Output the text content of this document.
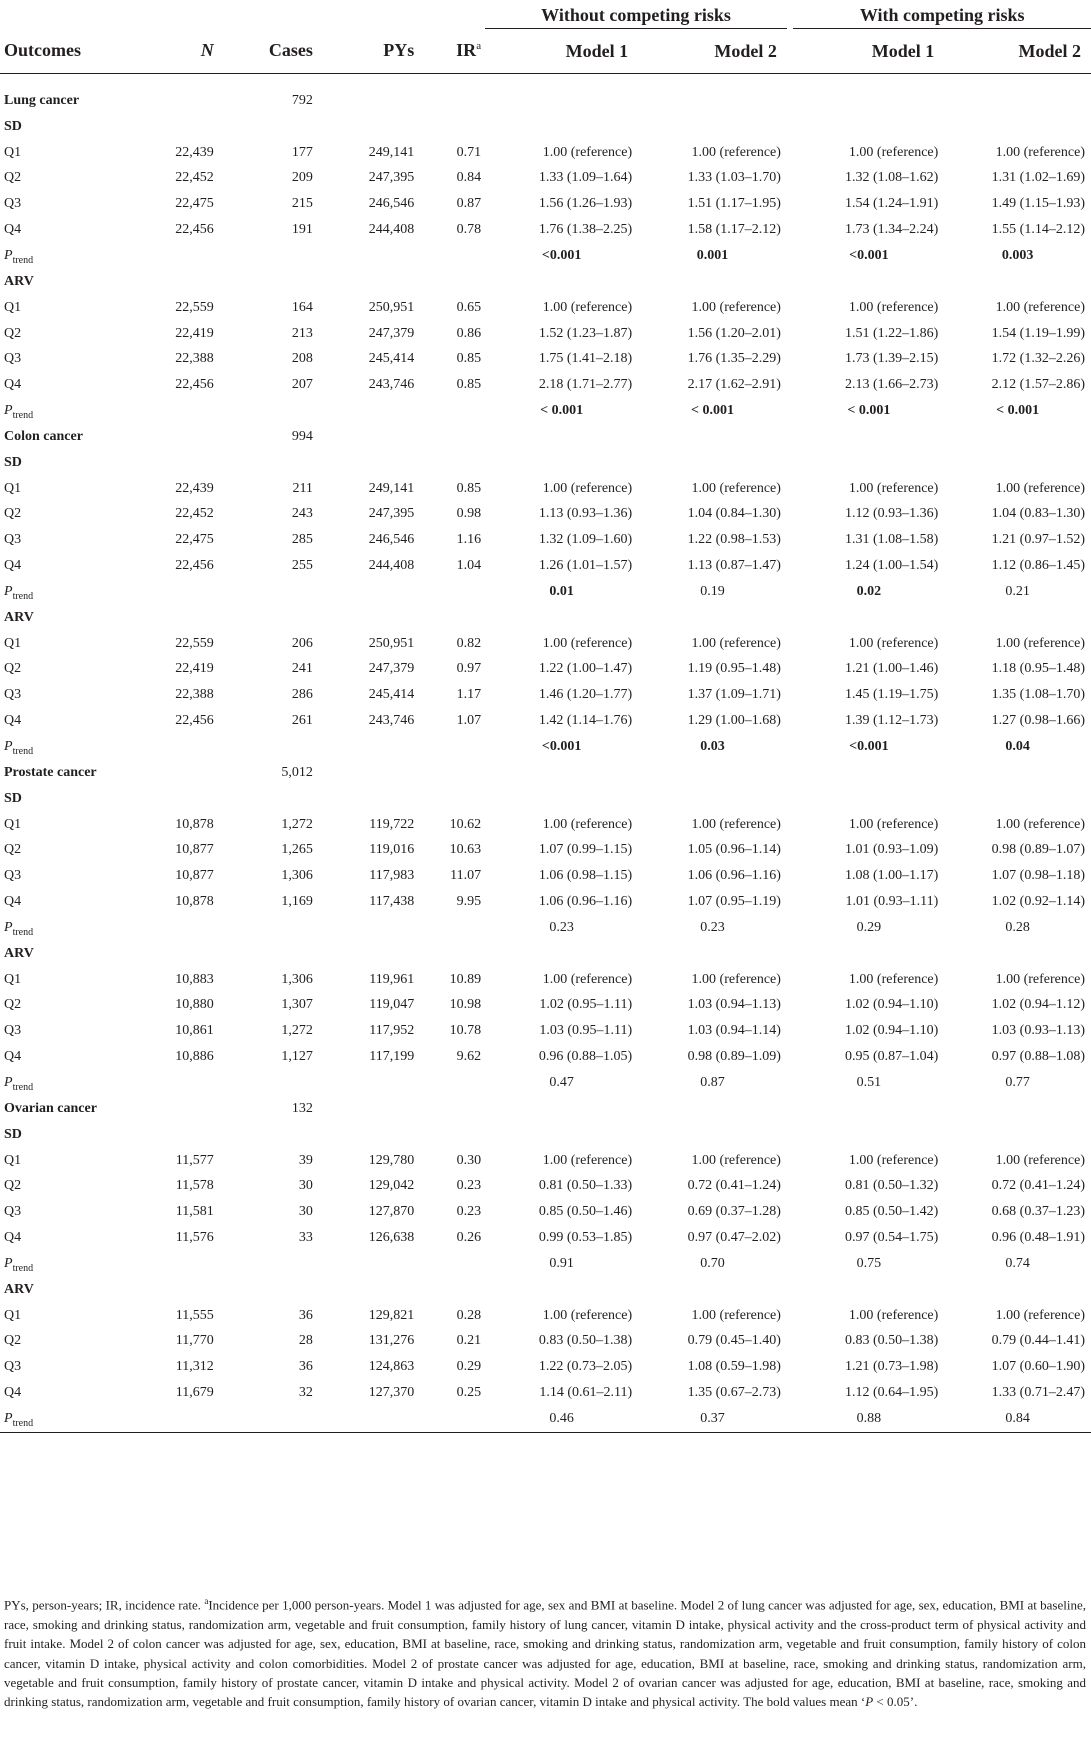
					Without competing risks			With competing risks	
Outcomes	N	Cases	PYs	$IR^a$	Model 1	Model 2		Model 1	Model 2

Lung cancer		792							
SD									
Q1	22,439	177	249,141	0.71	1.00 (reference)	1.00 (reference)		1.00 (reference)	1.00 (reference)
Q2	22,452	209	247,395	0.84	1.33 (1.09–1.64)	1.33 (1.03–1.70)		1.32 (1.08–1.62)	1.31 (1.02–1.69)
Q3	22,475	215	246,546	0.87	1.56 (1.26–1.93)	1.51 (1.17–1.95)		1.54 (1.24–1.91)	1.49 (1.15–1.93)
Q4	22,456	191	244,408	0.78	1.76 (1.38–2.25)	1.58 (1.17–2.12)		1.73 (1.34–2.24)	1.55 (1.14–2.12)
$P_{trend}$					<0.001	0.001		<0.001	0.003
ARV									
Q1	22,559	164	250,951	0.65	1.00 (reference)	1.00 (reference)		1.00 (reference)	1.00 (reference)
Q2	22,419	213	247,379	0.86	1.52 (1.23–1.87)	1.56 (1.20–2.01)		1.51 (1.22–1.86)	1.54 (1.19–1.99)
Q3	22,388	208	245,414	0.85	1.75 (1.41–2.18)	1.76 (1.35–2.29)		1.73 (1.39–2.15)	1.72 (1.32–2.26)
Q4	22,456	207	243,746	0.85	2.18 (1.71–2.77)	2.17 (1.62–2.91)		2.13 (1.66–2.73)	2.12 (1.57–2.86)
$P_{trend}$					< 0.001	< 0.001		< 0.001	< 0.001
Colon cancer		994							
SD									
Q1	22,439	211	249,141	0.85	1.00 (reference)	1.00 (reference)		1.00 (reference)	1.00 (reference)
Q2	22,452	243	247,395	0.98	1.13 (0.93–1.36)	1.04 (0.84–1.30)		1.12 (0.93–1.36)	1.04 (0.83–1.30)
Q3	22,475	285	246,546	1.16	1.32 (1.09–1.60)	1.22 (0.98–1.53)		1.31 (1.08–1.58)	1.21 (0.97–1.52)
Q4	22,456	255	244,408	1.04	1.26 (1.01–1.57)	1.13 (0.87–1.47)		1.24 (1.00–1.54)	1.12 (0.86–1.45)
$P_{trend}$					0.01	0.19		0.02	0.21
ARV									
Q1	22,559	206	250,951	0.82	1.00 (reference)	1.00 (reference)		1.00 (reference)	1.00 (reference)
Q2	22,419	241	247,379	0.97	1.22 (1.00–1.47)	1.19 (0.95–1.48)		1.21 (1.00–1.46)	1.18 (0.95–1.48)
Q3	22,388	286	245,414	1.17	1.46 (1.20–1.77)	1.37 (1.09–1.71)		1.45 (1.19–1.75)	1.35 (1.08–1.70)
Q4	22,456	261	243,746	1.07	1.42 (1.14–1.76)	1.29 (1.00–1.68)		1.39 (1.12–1.73)	1.27 (0.98–1.66)
$P_{trend}$					<0.001	0.03		<0.001	0.04
Prostate cancer		5,012							
SD									
Q1	10,878	1,272	119,722	10.62	1.00 (reference)	1.00 (reference)		1.00 (reference)	1.00 (reference)
Q2	10,877	1,265	119,016	10.63	1.07 (0.99–1.15)	1.05 (0.96–1.14)		1.01 (0.93–1.09)	0.98 (0.89–1.07)
Q3	10,877	1,306	117,983	11.07	1.06 (0.98–1.15)	1.06 (0.96–1.16)		1.08 (1.00–1.17)	1.07 (0.98–1.18)
Q4	10,878	1,169	117,438	9.95	1.06 (0.96–1.16)	1.07 (0.95–1.19)		1.01 (0.93–1.11)	1.02 (0.92–1.14)
$P_{trend}$					0.23	0.23		0.29	0.28
ARV									
Q1	10,883	1,306	119,961	10.89	1.00 (reference)	1.00 (reference)		1.00 (reference)	1.00 (reference)
Q2	10,880	1,307	119,047	10.98	1.02 (0.95–1.11)	1.03 (0.94–1.13)		1.02 (0.94–1.10)	1.02 (0.94–1.12)
Q3	10,861	1,272	117,952	10.78	1.03 (0.95–1.11)	1.03 (0.94–1.14)		1.02 (0.94–1.10)	1.03 (0.93–1.13)
Q4	10,886	1,127	117,199	9.62	0.96 (0.88–1.05)	0.98 (0.89–1.09)		0.95 (0.87–1.04)	0.97 (0.88–1.08)
$P_{trend}$					0.47	0.87		0.51	0.77
Ovarian cancer		132							
SD									
Q1	11,577	39	129,780	0.30	1.00 (reference)	1.00 (reference)		1.00 (reference)	1.00 (reference)
Q2	11,578	30	129,042	0.23	0.81 (0.50–1.33)	0.72 (0.41–1.24)		0.81 (0.50–1.32)	0.72 (0.41–1.24)
Q3	11,581	30	127,870	0.23	0.85 (0.50–1.46)	0.69 (0.37–1.28)		0.85 (0.50–1.42)	0.68 (0.37–1.23)
Q4	11,576	33	126,638	0.26	0.99 (0.53–1.85)	0.97 (0.47–2.02)		0.97 (0.54–1.75)	0.96 (0.48–1.91)
$P_{trend}$					0.91	0.70		0.75	0.74
ARV									
Q1	11,555	36	129,821	0.28	1.00 (reference)	1.00 (reference)		1.00 (reference)	1.00 (reference)
Q2	11,770	28	131,276	0.21	0.83 (0.50–1.38)	0.79 (0.45–1.40)		0.83 (0.50–1.38)	0.79 (0.44–1.41)
Q3	11,312	36	124,863	0.29	1.22 (0.73–2.05)	1.08 (0.59–1.98)		1.21 (0.73–1.98)	1.07 (0.60–1.90)
Q4	11,679	32	127,370	0.25	1.14 (0.61–2.11)	1.35 (0.67–2.73)		1.12 (0.64–1.95)	1.33 (0.71–2.47)
$P_{trend}$					0.46	0.37		0.88	0.84
PYs, person-years; IR, incidence rate. $^a$Incidence per 1,000 person-years. Model 1 was adjusted for age, sex and BMI at baseline. Model 2 of lung cancer was adjusted for age, sex, education, BMI at baseline, race, smoking and drinking status, randomization arm, vegetable and fruit consumption, family history of lung cancer, vitamin D intake, physical activity and the cross-product term of physical activity and fruit intake. Model 2 of colon cancer was adjusted for age, sex, education, BMI at baseline, race, smoking and drinking status, randomization arm, vegetable and fruit consumption, family history of colon cancer, vitamin D intake, physical activity and colon comorbidities. Model 2 of prostate cancer was adjusted for age, education, BMI at baseline, race, smoking and drinking status, randomization arm, vegetable and fruit consumption, family history of prostate cancer, vitamin D intake and physical activity. Model 2 of ovarian cancer was adjusted for age, education, BMI at baseline, race, smoking and drinking status, randomization arm, vegetable and fruit consumption, family history of ovarian cancer, vitamin D intake and physical activity. The bold values mean ‘P < 0.05’.
